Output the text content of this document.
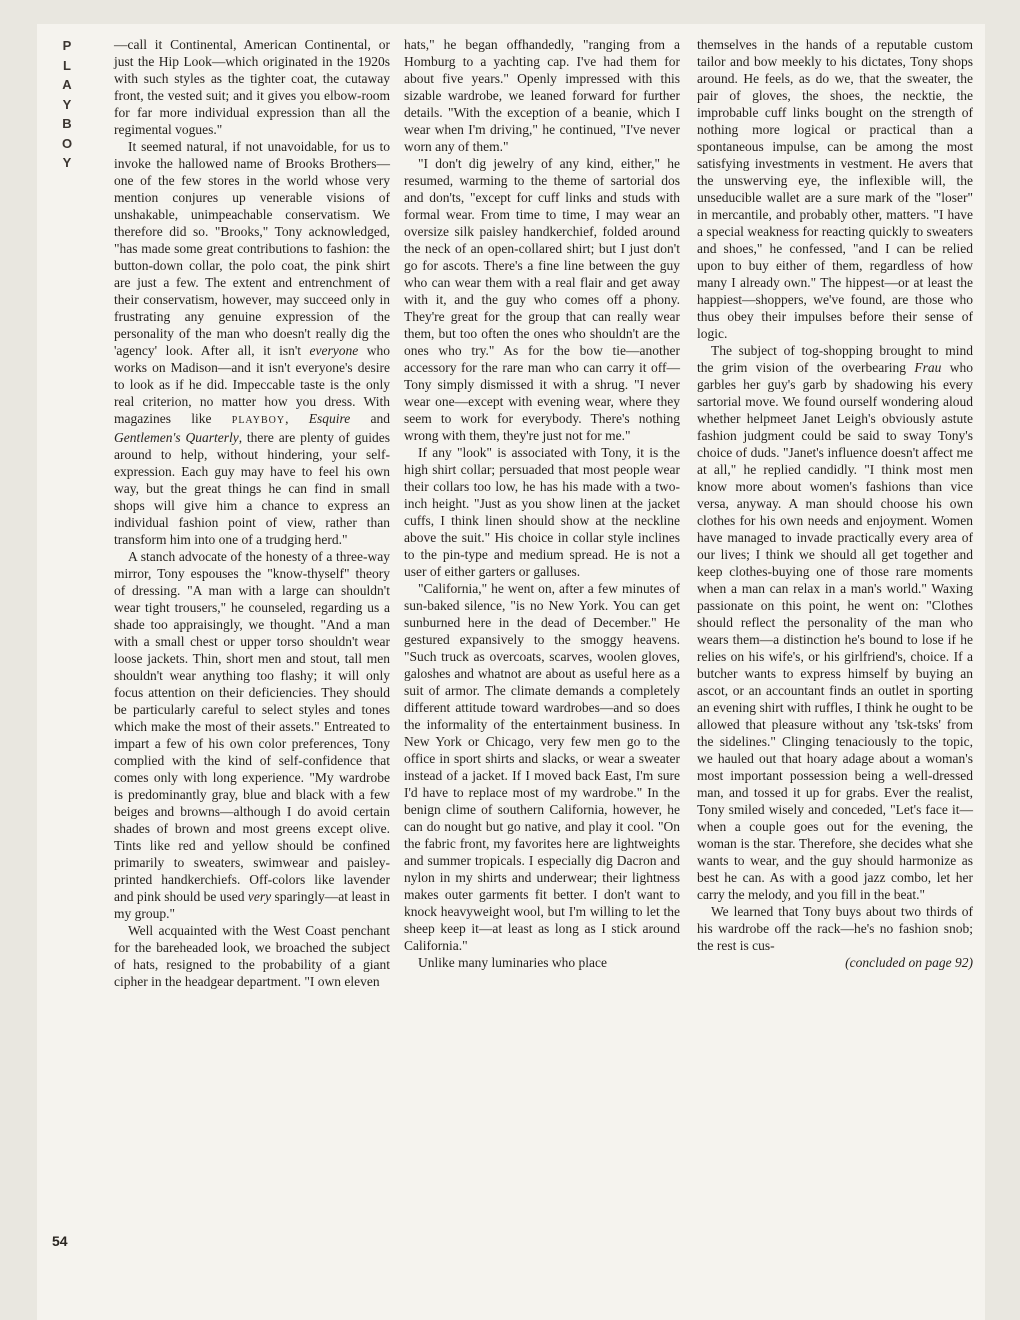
P
L
A
Y
B
O
Y

—call it Continental, American Continental, or just the Hip Look—which originated in the 1920s with such styles as the tighter coat, the cutaway front, the vested suit; and it gives you elbow-room for far more individual expression than all the regimental vogues."

It seemed natural, if not unavoidable, for us to invoke the hallowed name of Brooks Brothers—one of the few stores in the world whose very mention conjures up venerable visions of unshakable, unimpeachable conservatism. We therefore did so. "Brooks," Tony acknowledged, "has made some great contributions to fashion: the button-down collar, the polo coat, the pink shirt are just a few. The extent and entrenchment of their conservatism, however, may succeed only in frustrating any genuine expression of the personality of the man who doesn't really dig the 'agency' look. After all, it isn't everyone who works on Madison—and it isn't everyone's desire to look as if he did. Impeccable taste is the only real criterion, no matter how you dress. With magazines like PLAYBOY, Esquire and Gentlemen's Quarterly, there are plenty of guides around to help, without hindering, your self-expression. Each guy may have to feel his own way, but the great things he can find in small shops will give him a chance to express an individual fashion point of view, rather than transform him into one of a trudging herd."

A stanch advocate of the honesty of a three-way mirror, Tony espouses the "know-thyself" theory of dressing. "A man with a large can shouldn't wear tight trousers," he counseled, regarding us a shade too appraisingly, we thought. "And a man with a small chest or upper torso shouldn't wear loose jackets. Thin, short men and stout, tall men shouldn't wear anything too flashy; it will only focus attention on their deficiencies. They should be particularly careful to select styles and tones which make the most of their assets." Entreated to impart a few of his own color preferences, Tony complied with the kind of self-confidence that comes only with long experience. "My wardrobe is predominantly gray, blue and black with a few beiges and browns—although I do avoid certain shades of brown and most greens except olive. Tints like red and yellow should be confined primarily to sweaters, swimwear and paisley-printed handkerchiefs. Off-colors like lavender and pink should be used very sparingly—at least in my group."

Well acquainted with the West Coast penchant for the bareheaded look, we broached the subject of hats, resigned to the probability of a giant cipher in the headgear department. "I own eleven

hats," he began offhandedly, "ranging from a Homburg to a yachting cap. I've had them for about five years." Openly impressed with this sizable wardrobe, we leaned forward for further details. "With the exception of a beanie, which I wear when I'm driving," he continued, "I've never worn any of them."

"I don't dig jewelry of any kind, either," he resumed, warming to the theme of sartorial dos and don'ts, "except for cuff links and studs with formal wear. From time to time, I may wear an oversize silk paisley handkerchief, folded around the neck of an open-collared shirt; but I just don't go for ascots. There's a fine line between the guy who can wear them with a real flair and get away with it, and the guy who comes off a phony. They're great for the group that can really wear them, but too often the ones who shouldn't are the ones who try." As for the bow tie—another accessory for the rare man who can carry it off—Tony simply dismissed it with a shrug. "I never wear one—except with evening wear, where they seem to work for everybody. There's nothing wrong with them, they're just not for me."

If any "look" is associated with Tony, it is the high shirt collar; persuaded that most people wear their collars too low, he has his made with a two-inch height. "Just as you show linen at the jacket cuffs, I think linen should show at the neckline above the suit." His choice in collar style inclines to the pin-type and medium spread. He is not a user of either garters or galluses.

"California," he went on, after a few minutes of sun-baked silence, "is no New York. You can get sunburned here in the dead of December." He gestured expansively to the smoggy heavens. "Such truck as overcoats, scarves, woolen gloves, galoshes and whatnot are about as useful here as a suit of armor. The climate demands a completely different attitude toward wardrobes—and so does the informality of the entertainment business. In New York or Chicago, very few men go to the office in sport shirts and slacks, or wear a sweater instead of a jacket. If I moved back East, I'm sure I'd have to replace most of my wardrobe." In the benign clime of southern California, however, he can do nought but go native, and play it cool. "On the fabric front, my favorites here are lightweights and summer tropicals. I especially dig Dacron and nylon in my shirts and underwear; their lightness makes outer garments fit better. I don't want to knock heavyweight wool, but I'm willing to let the sheep keep it—at least as long as I stick around California."

Unlike many luminaries who place

themselves in the hands of a reputable custom tailor and bow meekly to his dictates, Tony shops around. He feels, as do we, that the sweater, the pair of gloves, the shoes, the necktie, the improbable cuff links bought on the strength of nothing more logical or practical than a spontaneous impulse, can be among the most satisfying investments in vestment. He avers that the unswerving eye, the inflexible will, the unseducible wallet are a sure mark of the "loser" in mercantile, and probably other, matters. "I have a special weakness for reacting quickly to sweaters and shoes," he confessed, "and I can be relied upon to buy either of them, regardless of how many I already own." The hippest—or at least the happiest—shoppers, we've found, are those who thus obey their impulses before their sense of logic.

The subject of tog-shopping brought to mind the grim vision of the overbearing Frau who garbles her guy's garb by shadowing his every sartorial move. We found ourself wondering aloud whether helpmeet Janet Leigh's obviously astute fashion judgment could be said to sway Tony's choice of duds. "Janet's influence doesn't affect me at all," he replied candidly. "I think most men know more about women's fashions than vice versa, anyway. A man should choose his own clothes for his own needs and enjoyment. Women have managed to invade practically every area of our lives; I think we should all get together and keep clothes-buying one of those rare moments when a man can relax in a man's world." Waxing passionate on this point, he went on: "Clothes should reflect the personality of the man who wears them—a distinction he's bound to lose if he relies on his wife's, or his girlfriend's, choice. If a butcher wants to express himself by buying an ascot, or an accountant finds an outlet in sporting an evening shirt with ruffles, I think he ought to be allowed that pleasure without any 'tsk-tsks' from the sidelines." Clinging tenaciously to the topic, we hauled out that hoary adage about a woman's most important possession being a well-dressed man, and tossed it up for grabs. Ever the realist, Tony smiled wisely and conceded, "Let's face it—when a couple goes out for the evening, the woman is the star. Therefore, she decides what she wants to wear, and the guy should harmonize as best he can. As with a good jazz combo, let her carry the melody, and you fill in the beat."

We learned that Tony buys about two thirds of his wardrobe off the rack—he's no fashion snob; the rest is cus-

(concluded on page 92)

54
